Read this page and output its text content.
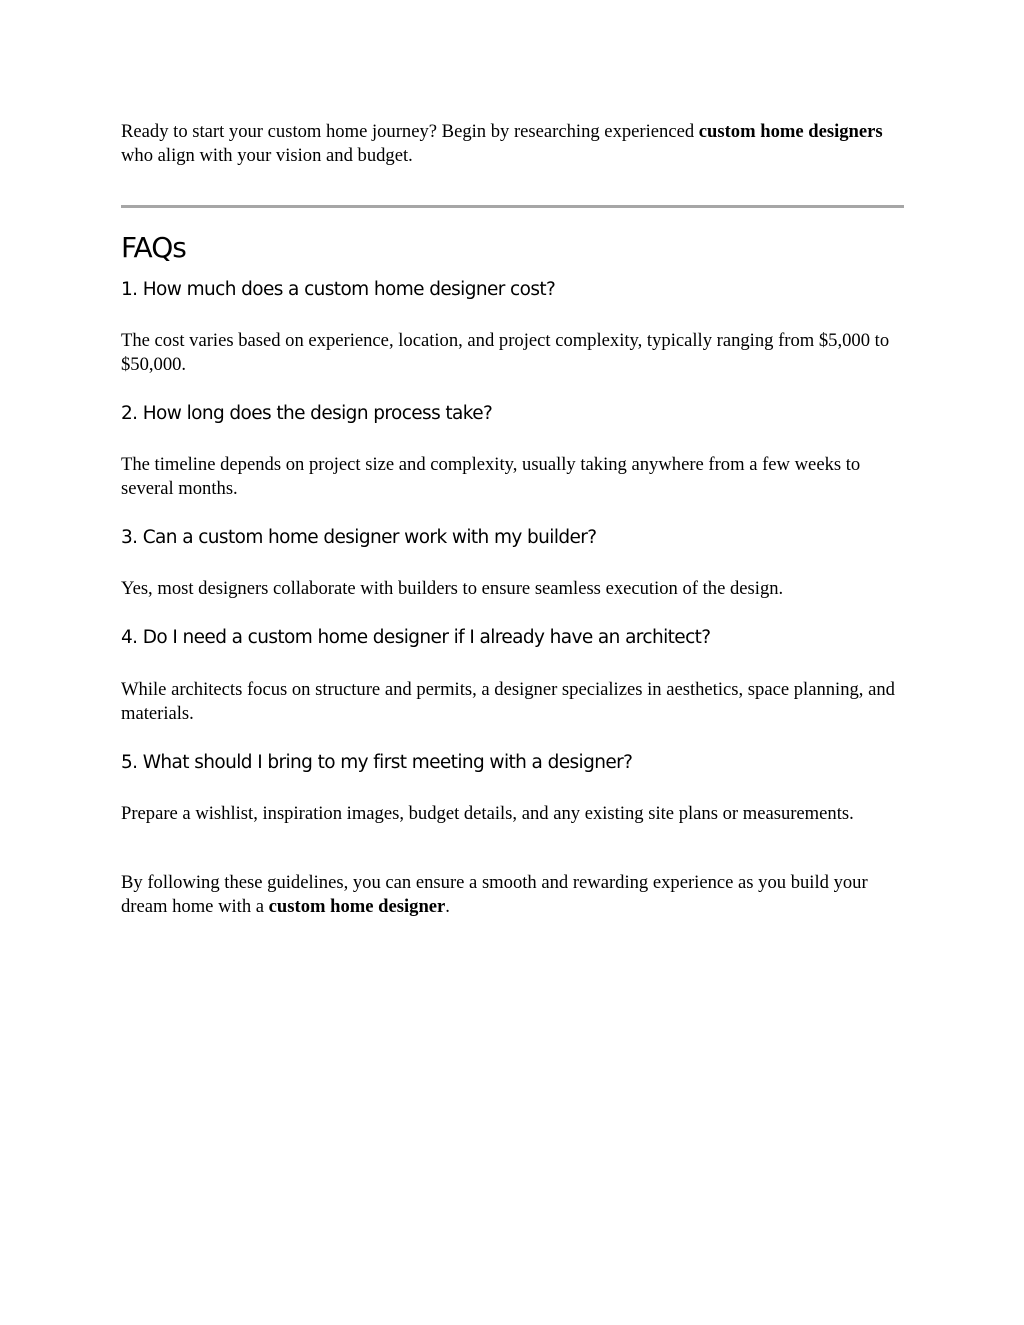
Ready to start your custom home journey? Begin by researching experienced custom home designers who align with your vision and budget.

FAQs
1. How much does a custom home designer cost?

The cost varies based on experience, location, and project complexity, typically ranging from $5,000 to $50,000.

2. How long does the design process take?

The timeline depends on project size and complexity, usually taking anywhere from a few weeks to several months.

3. Can a custom home designer work with my builder?

Yes, most designers collaborate with builders to ensure seamless execution of the design.

4. Do I need a custom home designer if I already have an architect?

While architects focus on structure and permits, a designer specializes in aesthetics, space planning, and materials.

5. What should I bring to my first meeting with a designer?

Prepare a wishlist, inspiration images, budget details, and any existing site plans or measurements.

By following these guidelines, you can ensure a smooth and rewarding experience as you build your dream home with a custom home designer.
